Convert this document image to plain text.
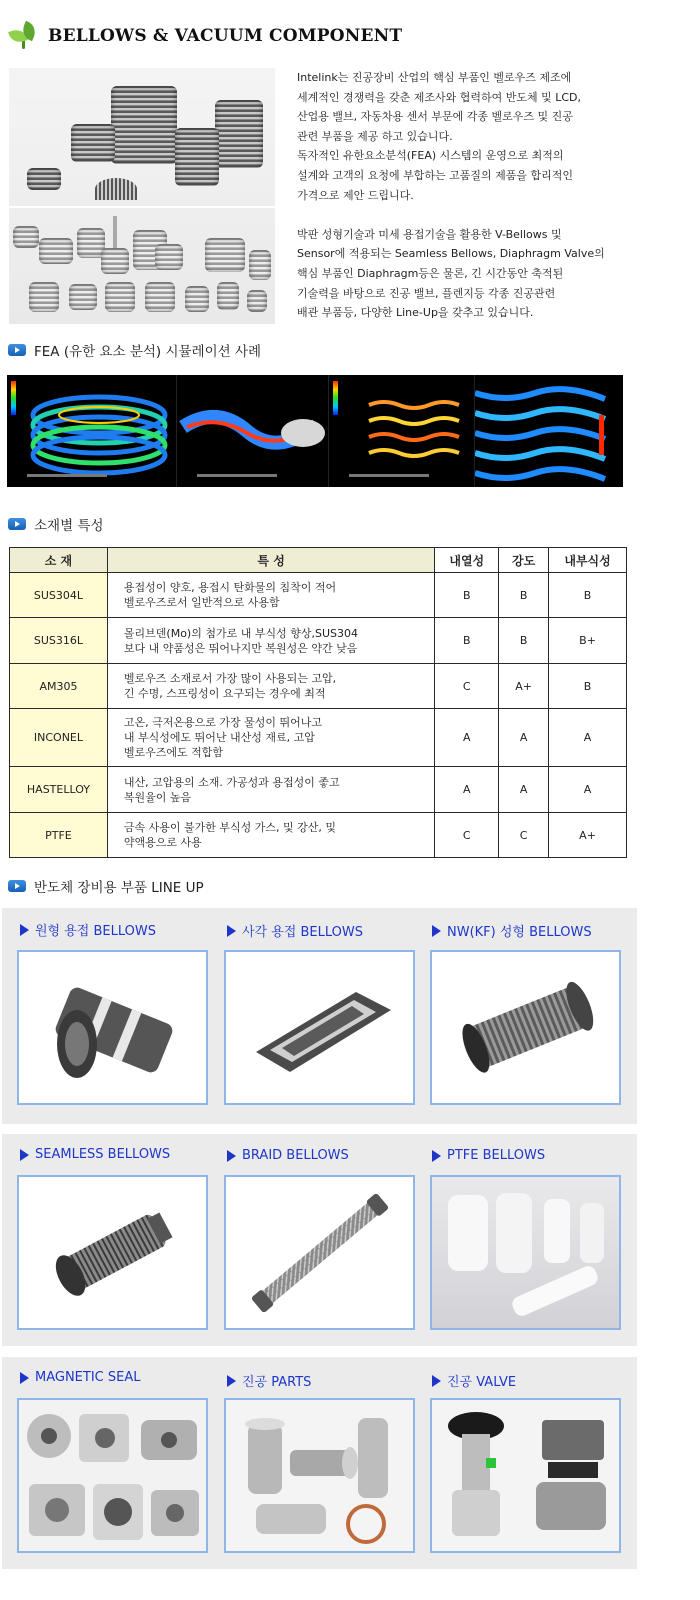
BELLOWS & VACUUM COMPONENT

Intelink는 진공장비 산업의 핵심 부품인 벨로우즈 제조에
세계적인 경쟁력을 갖춘 제조사와 협력하여 반도체 및 LCD,
산업용 밸브, 자동차용 센서 부문에 각종 벨로우즈 및 진공
관련 부품을 제공 하고 있습니다.
독자적인 유한요소분석(FEA) 시스템의 운영으로 최적의
설계와 고객의 요청에 부합하는 고품질의 제품을 합리적인
가격으로 제안 드립니다.

박판 성형기술과 미세 용접기술을 활용한 V-Bellows 및
Sensor에 적용되는 Seamless Bellows, Diaphragm Valve의
핵심 부품인 Diaphragm등은 물론, 긴 시간동안 축적된
기술력을 바탕으로 진공 밸브, 플렌지등 각종 진공관련
배관 부품등, 다양한 Line-Up을 갖추고 있습니다.

FEA (유한 요소 분석) 시뮬레이션 사례
소재별 특성
소 재	특 성	내열성	강도	내부식성
SUS304L	용접성이 양호, 용접시 탄화물의 침착이 적어
벨로우즈로서 일반적으로 사용함	B	B	B
SUS316L	몰리브덴(Mo)의 첨가로 내 부식성 향상,SUS304
보다 내 약품성은 뛰어나지만 복원성은 약간 낮음	B	B	B+
AM305	벨로우즈 소재로서 가장 많이 사용되는 고압,
긴 수명, 스프링성이 요구되는 경우에 최적	C	A+	B
INCONEL	고온, 극저온용으로 가장 물성이 뛰어나고
내 부식성에도 뛰어난 내산성 재료, 고압
벨로우즈에도 적합함	A	A	A
HASTELLOY	내산, 고압용의 소재. 가공성과 용접성이 좋고
복원율이 높음	A	A	A
PTFE	금속 사용이 불가한 부식성 가스, 및 강산, 및
약액용으로 사용	C	C	A+
반도체 장비용 부품 LINE UP
원형 용접 BELLOWS	사각 용접 BELLOWS	NW(KF) 성형 BELLOWS
SEAMLESS BELLOWS	BRAID BELLOWS	PTFE BELLOWS
MAGNETIC SEAL	진공 PARTS	진공 VALVE
